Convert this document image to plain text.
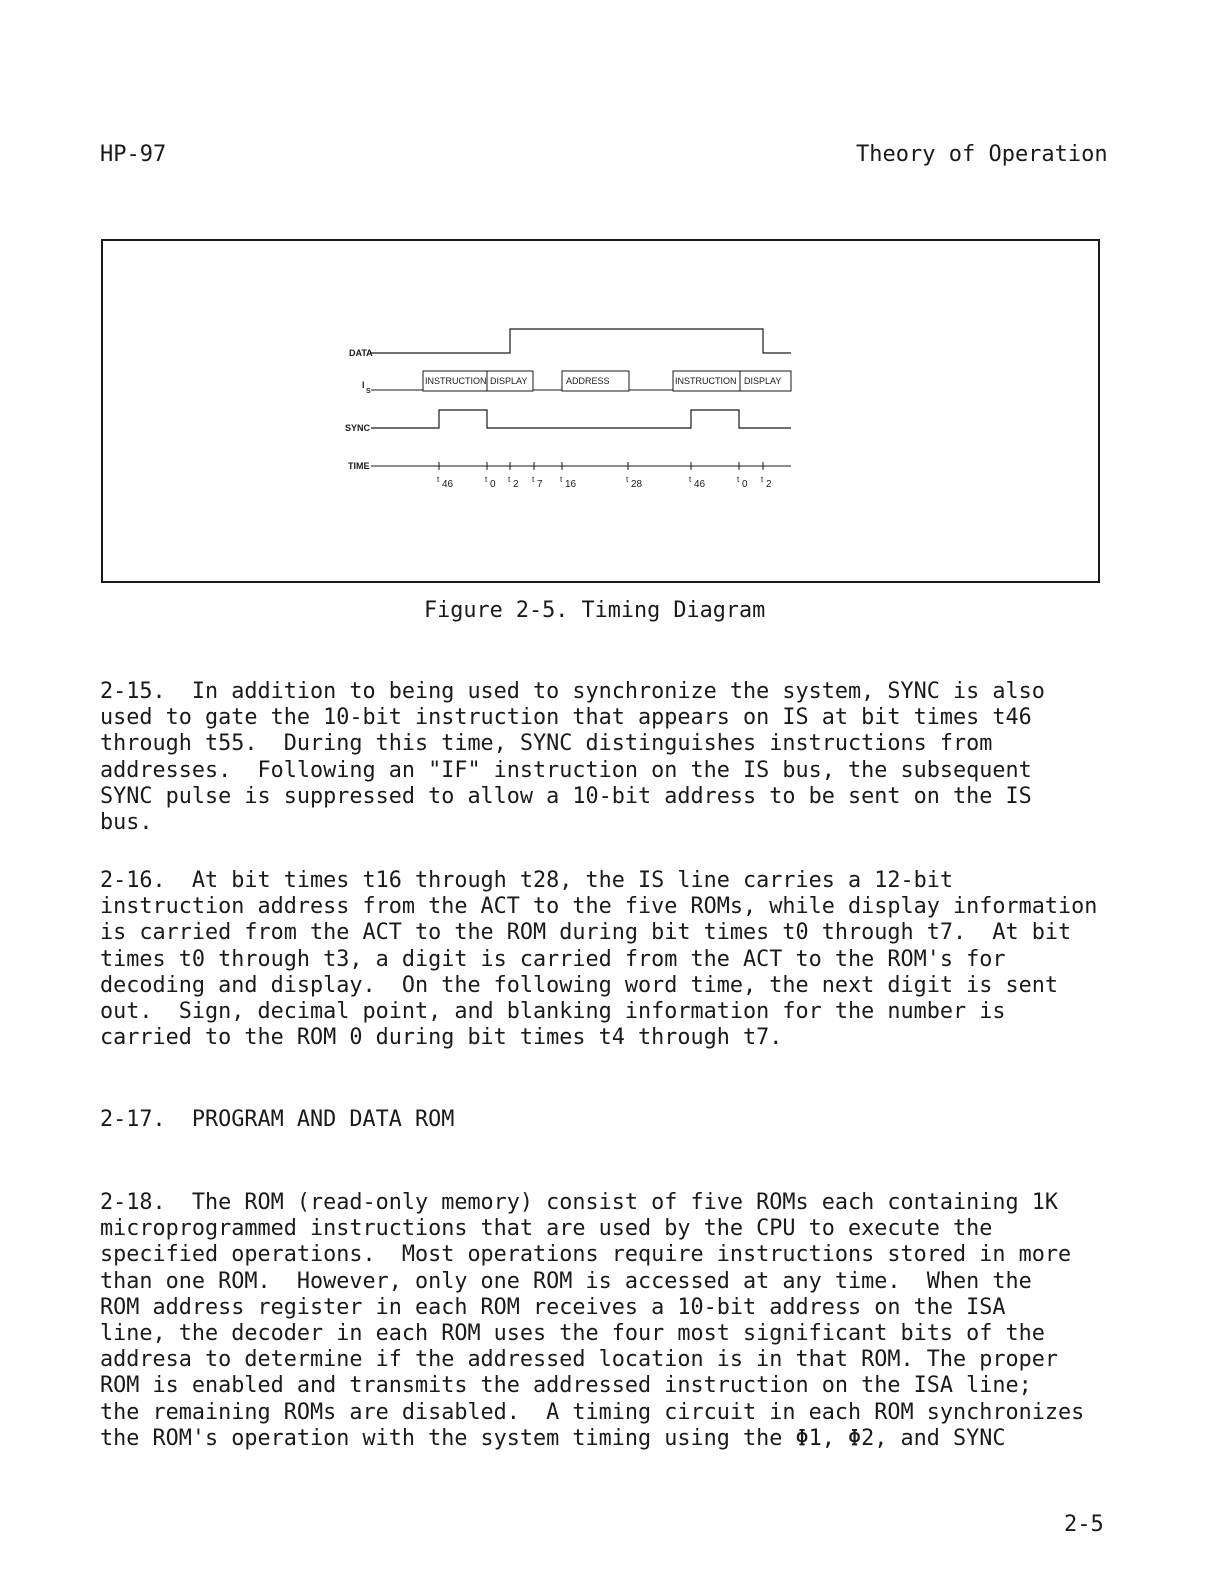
HP-97	Theory of Operation
DATA
I
S
INSTRUCTION DISPLAY	ADDRESS	INSTRUCTION DISPLAY
SYNC
TIME
t 46	t 0 t 2 t 7 t 16	t 28	t 46	t 0 t 2
Figure 2-5. Timing Diagram

2-15.  In addition to being used to synchronize the system, SYNC is also
used to gate the 10-bit instruction that appears on IS at bit times t46
through t55.  During this time, SYNC distinguishes instructions from
addresses.  Following an "IF" instruction on the IS bus, the subsequent
SYNC pulse is suppressed to allow a 10-bit address to be sent on the IS
bus.

2-16.  At bit times t16 through t28, the IS line carries a 12-bit
instruction address from the ACT to the five ROMs, while display information
is carried from the ACT to the ROM during bit times t0 through t7.  At bit
times t0 through t3, a digit is carried from the ACT to the ROM's for
decoding and display.  On the following word time, the next digit is sent
out.  Sign, decimal point, and blanking information for the number is
carried to the ROM 0 during bit times t4 through t7.

2-17.  PROGRAM AND DATA ROM

2-18.  The ROM (read-only memory) consist of five ROMs each containing 1K
microprogrammed instructions that are used by the CPU to execute the
specified operations.  Most operations require instructions stored in more
than one ROM.  However, only one ROM is accessed at any time.  When the
ROM address register in each ROM receives a 10-bit address on the ISA
line, the decoder in each ROM uses the four most significant bits of the
addresa to determine if the addressed location is in that ROM. The proper
ROM is enabled and transmits the addressed instruction on the ISA line;
the remaining ROMs are disabled.  A timing circuit in each ROM synchronizes
the ROM's operation with the system timing using the Φ1, Φ2, and SYNC

2-5
